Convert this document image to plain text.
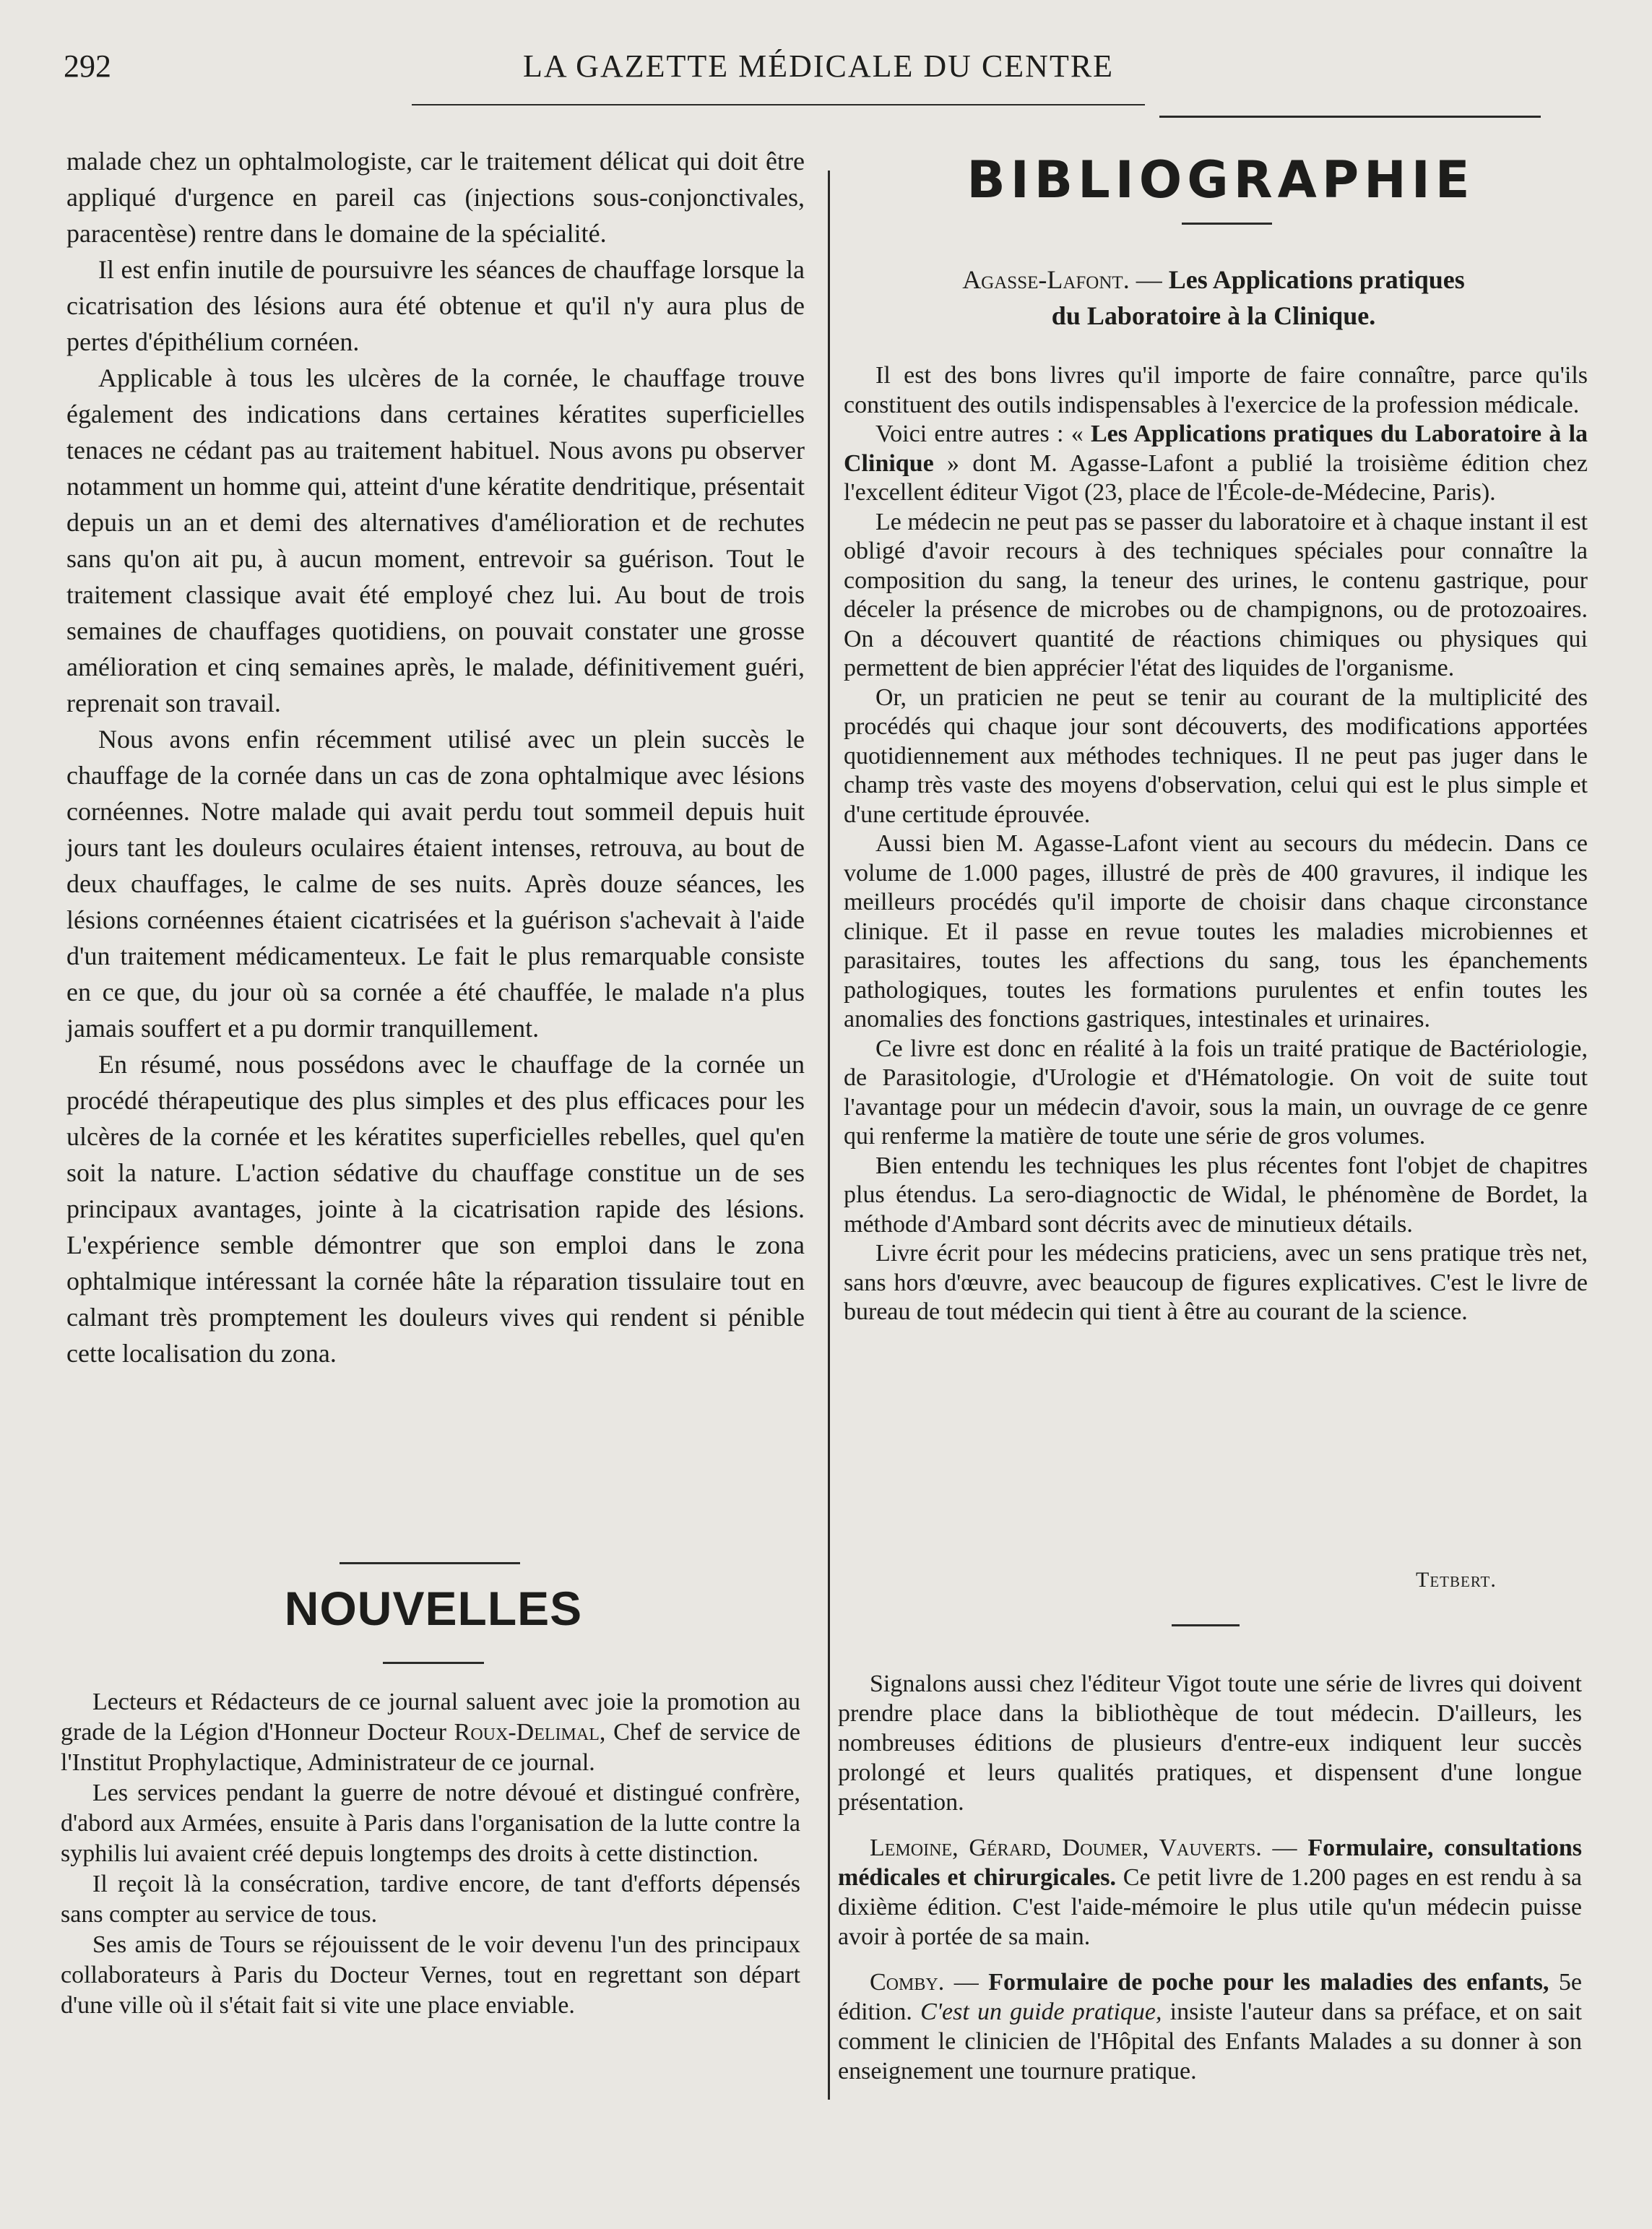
292	LA GAZETTE MÉDICALE DU CENTRE

malade chez un ophtalmologiste, car le traitement délicat qui doit être appliqué d'urgence en pareil cas (injections sous-conjonctivales, paracentèse) rentre dans le domaine de la spécialité.

Il est enfin inutile de poursuivre les séances de chauffage lorsque la cicatrisation des lésions aura été obtenue et qu'il n'y aura plus de pertes d'épithélium cornéen.

Applicable à tous les ulcères de la cornée, le chauffage trouve également des indications dans certaines kératites superficielles tenaces ne cédant pas au traitement habituel. Nous avons pu observer notamment un homme qui, atteint d'une kératite dendritique, présentait depuis un an et demi des alternatives d'amélioration et de rechutes sans qu'on ait pu, à aucun moment, entrevoir sa guérison. Tout le traitement classique avait été employé chez lui. Au bout de trois semaines de chauffages quotidiens, on pouvait constater une grosse amélioration et cinq semaines après, le malade, définitivement guéri, reprenait son travail.

Nous avons enfin récemment utilisé avec un plein succès le chauffage de la cornée dans un cas de zona ophtalmique avec lésions cornéennes. Notre malade qui avait perdu tout sommeil depuis huit jours tant les douleurs oculaires étaient intenses, retrouva, au bout de deux chauffages, le calme de ses nuits. Après douze séances, les lésions cornéennes étaient cicatrisées et la guérison s'achevait à l'aide d'un traitement médicamenteux. Le fait le plus remarquable consiste en ce que, du jour où sa cornée a été chauffée, le malade n'a plus jamais souffert et a pu dormir tranquillement.

En résumé, nous possédons avec le chauffage de la cornée un procédé thérapeutique des plus simples et des plus efficaces pour les ulcères de la cornée et les kératites superficielles rebelles, quel qu'en soit la nature. L'action sédative du chauffage constitue un de ses principaux avantages, jointe à la cicatrisation rapide des lésions. L'expérience semble démontrer que son emploi dans le zona ophtalmique intéressant la cornée hâte la réparation tissulaire tout en calmant très promptement les douleurs vives qui rendent si pénible cette localisation du zona.

NOUVELLES

Lecteurs et Rédacteurs de ce journal saluent avec joie la promotion au grade de la Légion d'Honneur Docteur Roux-Delimal, Chef de service de l'Institut Prophylactique, Administrateur de ce journal.

Les services pendant la guerre de notre dévoué et distingué confrère, d'abord aux Armées, ensuite à Paris dans l'organisation de la lutte contre la syphilis lui avaient créé depuis longtemps des droits à cette distinction.

Il reçoit là la consécration, tardive encore, de tant d'efforts dépensés sans compter au service de tous.

Ses amis de Tours se réjouissent de le voir devenu l'un des principaux collaborateurs à Paris du Docteur Vernes, tout en regrettant son départ d'une ville où il s'était fait si vite une place enviable.

BIBLIOGRAPHIE
Agasse-Lafont. — Les Applications pratiques
du Laboratoire à la Clinique.

Il est des bons livres qu'il importe de faire connaître, parce qu'ils constituent des outils indispensables à l'exercice de la profession médicale.

Voici entre autres : « Les Applications pratiques du Laboratoire à la Clinique » dont M. Agasse-Lafont a publié la troisième édition chez l'excellent éditeur Vigot (23, place de l'École-de-Médecine, Paris).

Le médecin ne peut pas se passer du laboratoire et à chaque instant il est obligé d'avoir recours à des techniques spéciales pour connaître la composition du sang, la teneur des urines, le contenu gastrique, pour déceler la présence de microbes ou de champignons, ou de protozoaires. On a découvert quantité de réactions chimiques ou physiques qui permettent de bien apprécier l'état des liquides de l'organisme.

Or, un praticien ne peut se tenir au courant de la multiplicité des procédés qui chaque jour sont découverts, des modifications apportées quotidiennement aux méthodes techniques. Il ne peut pas juger dans le champ très vaste des moyens d'observation, celui qui est le plus simple et d'une certitude éprouvée.

Aussi bien M. Agasse-Lafont vient au secours du médecin. Dans ce volume de 1.000 pages, illustré de près de 400 gravures, il indique les meilleurs procédés qu'il importe de choisir dans chaque circonstance clinique. Et il passe en revue toutes les maladies microbiennes et parasitaires, toutes les affections du sang, tous les épanchements pathologiques, toutes les formations purulentes et enfin toutes les anomalies des fonctions gastriques, intestinales et urinaires.

Ce livre est donc en réalité à la fois un traité pratique de Bactériologie, de Parasitologie, d'Urologie et d'Hématologie. On voit de suite tout l'avantage pour un médecin d'avoir, sous la main, un ouvrage de ce genre qui renferme la matière de toute une série de gros volumes.

Bien entendu les techniques les plus récentes font l'objet de chapitres plus étendus. La sero-diagnoctic de Widal, le phénomène de Bordet, la méthode d'Ambard sont décrits avec de minutieux détails.

Livre écrit pour les médecins praticiens, avec un sens pratique très net, sans hors d'œuvre, avec beaucoup de figures explicatives. C'est le livre de bureau de tout médecin qui tient à être au courant de la science.

Tetbert.

Signalons aussi chez l'éditeur Vigot toute une série de livres qui doivent prendre place dans la bibliothèque de tout médecin. D'ailleurs, les nombreuses éditions de plusieurs d'entre-eux indiquent leur succès prolongé et leurs qualités pratiques, et dispensent d'une longue présentation.

Lemoine, Gérard, Doumer, Vauverts. — Formulaire, consultations médicales et chirurgicales. Ce petit livre de 1.200 pages en est rendu à sa dixième édition. C'est l'aide-mémoire le plus utile qu'un médecin puisse avoir à portée de sa main.

Comby. — Formulaire de poche pour les maladies des enfants, 5e édition. C'est un guide pratique, insiste l'auteur dans sa préface, et on sait comment le clinicien de l'Hôpital des Enfants Malades a su donner à son enseignement une tournure pratique.
